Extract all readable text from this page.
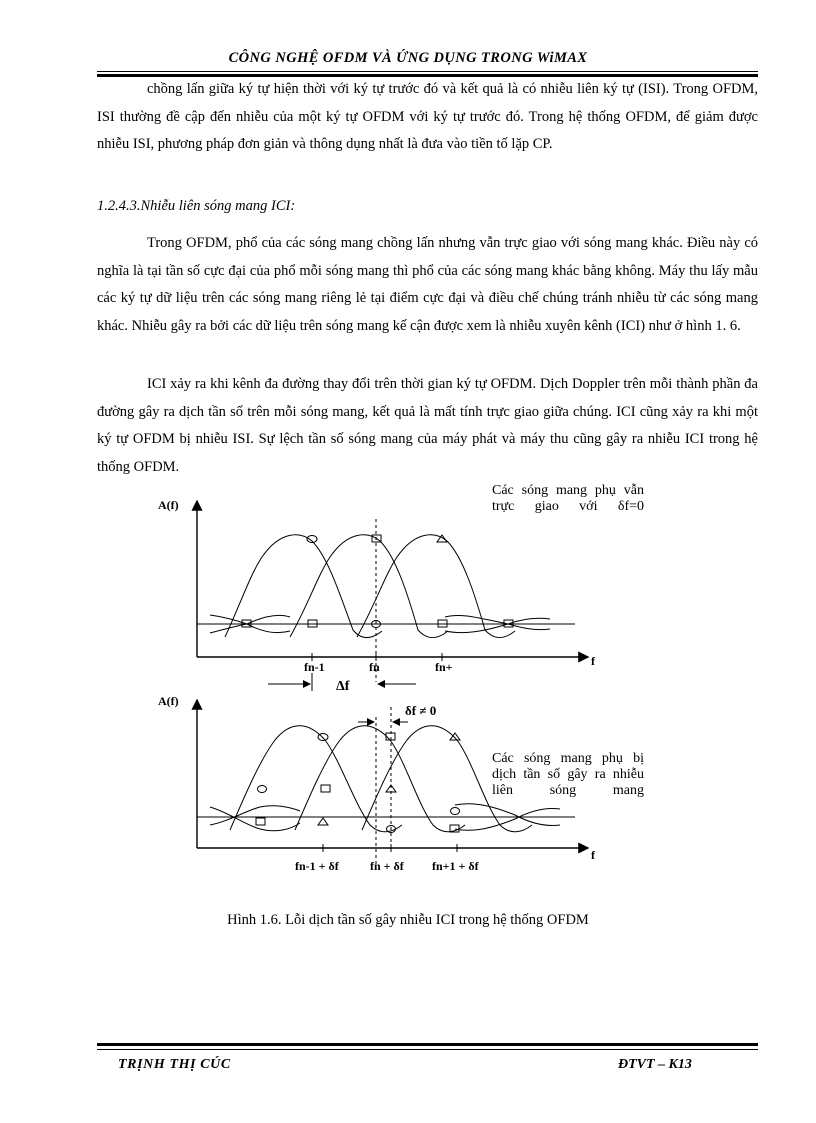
CÔNG NGHỆ OFDM VÀ ỨNG DỤNG TRONG WiMAX

chồng lấn giữa ký tự hiện thời với ký tự trước đó và kết quả là có nhiễu liên ký tự (ISI). Trong OFDM, ISI thường đề cập đến nhiễu của một ký tự OFDM với ký tự trước đó. Trong hệ thống OFDM, để giảm được nhiễu ISI, phương pháp đơn giản và thông dụng nhất là đưa vào tiền tố lặp CP.

1.2.4.3.Nhiễu liên sóng mang ICI:

Trong OFDM, phổ của các sóng mang chồng lấn nhưng vẫn trực giao với sóng mang khác. Điều này có nghĩa là tại tần số cực đại của phổ mỗi sóng mang thì phổ của các sóng mang khác bằng không. Máy thu lấy mẫu các ký tự dữ liệu trên các sóng mang riêng lẻ tại điểm cực đại và điều chế chúng tránh nhiễu từ các sóng mang khác. Nhiễu gây ra bởi các dữ liệu trên sóng mang kế cận được xem là nhiễu xuyên kênh (ICI) như ở hình 1. 6.

ICI xảy ra khi kênh đa đường thay đổi trên thời gian ký tự OFDM. Dịch Doppler trên mỗi thành phần đa đường gây ra dịch tần số trên mỗi sóng mang, kết quả là mất tính trực giao giữa chúng. ICI cũng xảy ra khi một ký tự OFDM bị nhiễu ISI. Sự lệch tần số sóng mang của máy phát và máy thu cũng gây ra nhiễu ICI trong hệ thống OFDM.

A(f)
f
fn-1	fn	fn+
Δf
A(f)
f
δf ≠ 0
fn-1 + δf	fn + δf fn+1 + δf

Các sóng mang phụ vẫn trực giao với δf=0

Các sóng mang phụ bị dịch tần số gây ra nhiễu liên sóng mang

Hình 1.6. Lỗi dịch tần số gây nhiễu ICI trong hệ thống OFDM
TRỊNH THỊ CÚC	ĐTVT – K13
